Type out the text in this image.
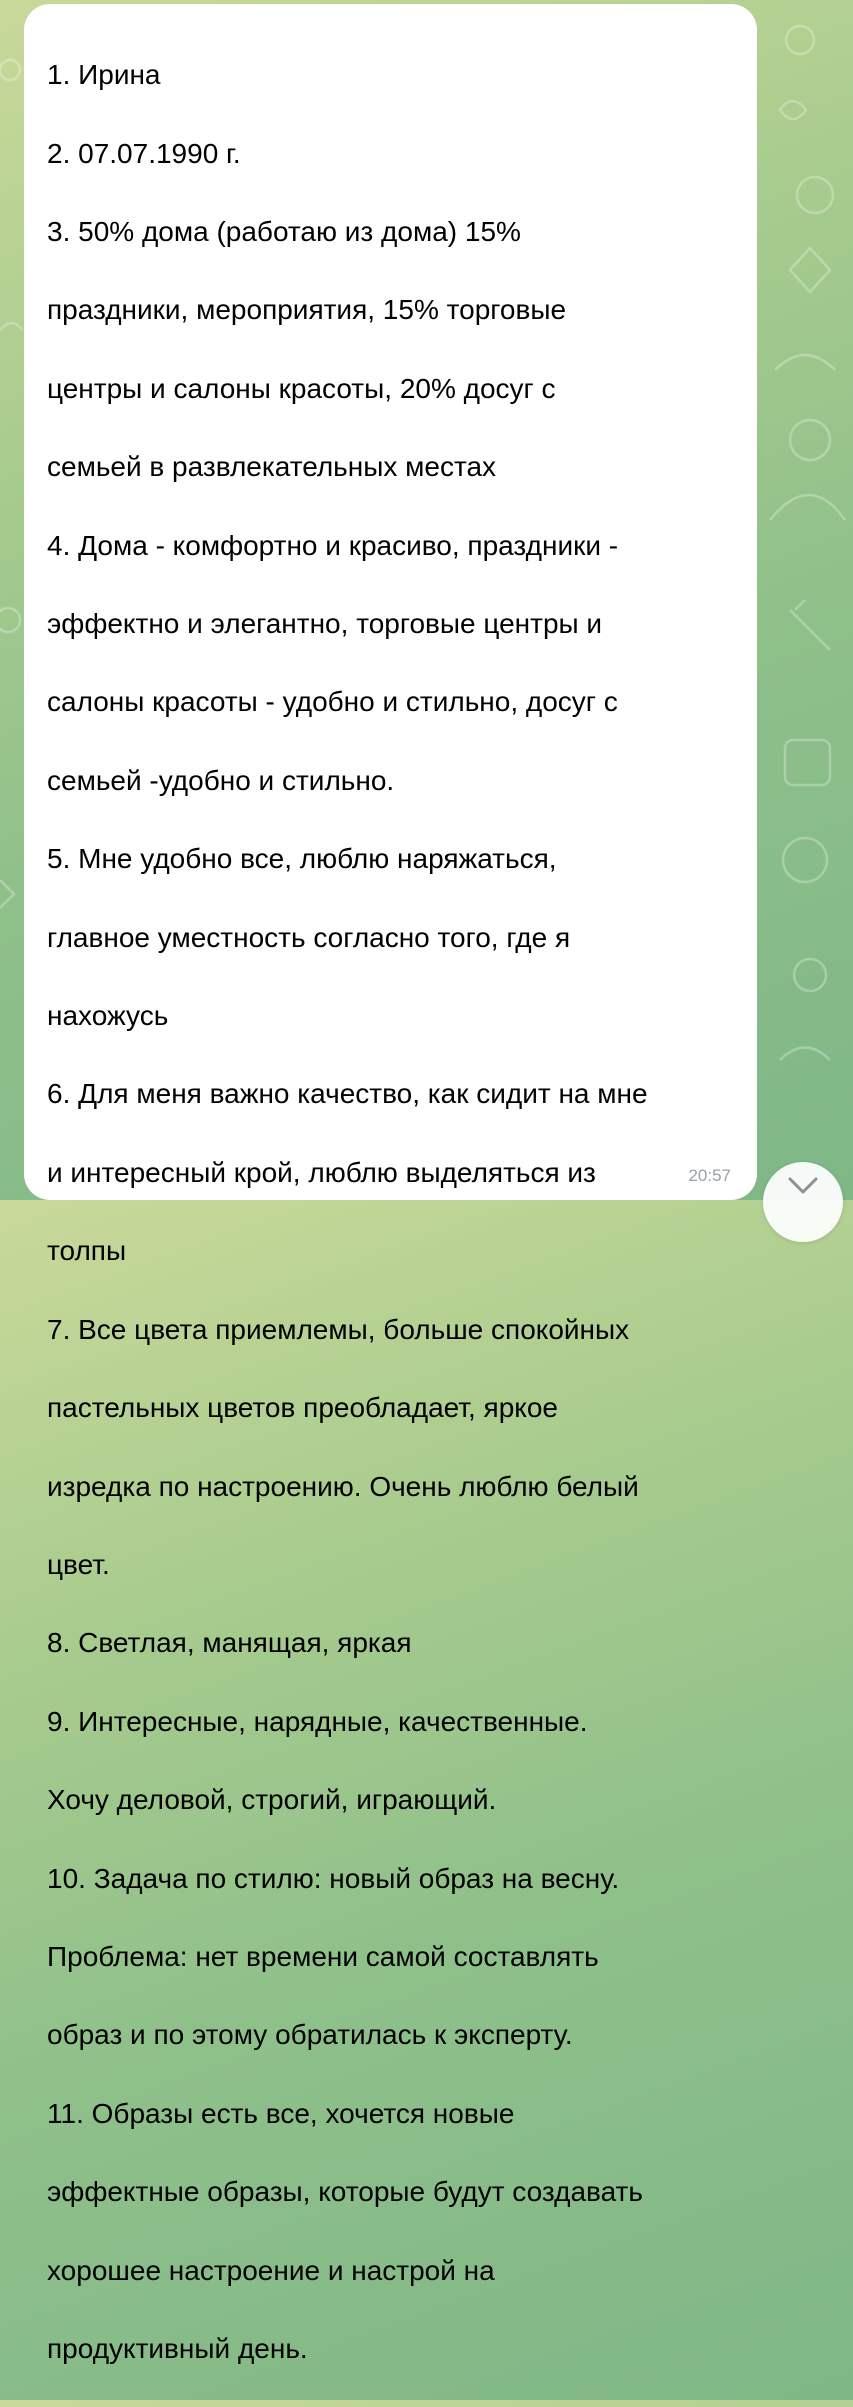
1. Ирина

2. 07.07.1990 г.

3. 50% дома (работаю из дома) 15%

праздники, мероприятия, 15% торговые

центры и салоны красоты, 20% досуг с

семьей в развлекательных местах

4. Дома - комфортно и красиво, праздники -

эффектно и элегантно, торговые центры и

салоны красоты - удобно и стильно, досуг с

семьей -удобно и стильно.

5. Мне удобно все, люблю наряжаться,

главное уместность согласно того, где я

нахожусь

6. Для меня важно качество, как сидит на мне

и интересный крой, люблю выделяться из

толпы

7. Все цвета приемлемы, больше спокойных

пастельных цветов преобладает, яркое

изредка по настроению. Очень люблю белый

цвет.

8. Светлая, манящая, яркая

9. Интересные, нарядные, качественные.

Хочу деловой, строгий, играющий.

10. Задача по стилю: новый образ на весну.

Проблема: нет времени самой составлять

образ и по этому обратилась к эксперту.

11. Образы есть все, хочется новые

эффектные образы, которые будут создавать

хорошее настроение и настрой на

продуктивный день.

20:57
